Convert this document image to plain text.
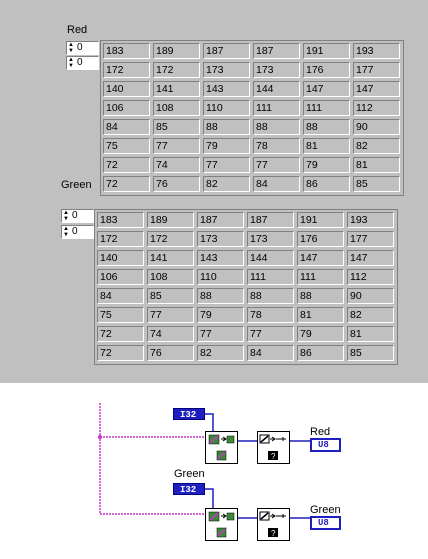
Red
▲
▼ 0
▲
▼ 0
183	189	187	187	191	193
172	172	173	173	176	177
140	141	143	144	147	147
106	108	110	111	111	112
84	85	88	88	88	90
75	77	79	78	81	82
72	74	77	77	79	81
72	76	82	84	86	85
Green
▲
▼ 0
▲
▼ 0
183	189	187	187	191	193
172	172	173	173	176	177
140	141	143	144	147	147
106	108	110	111	111	112
84	85	88	88	88	90
75	77	79	78	81	82
72	74	77	77	79	81
72	76	82	84	86	85
I32
?
Red
U8
Green
I32
?
Green
U8
